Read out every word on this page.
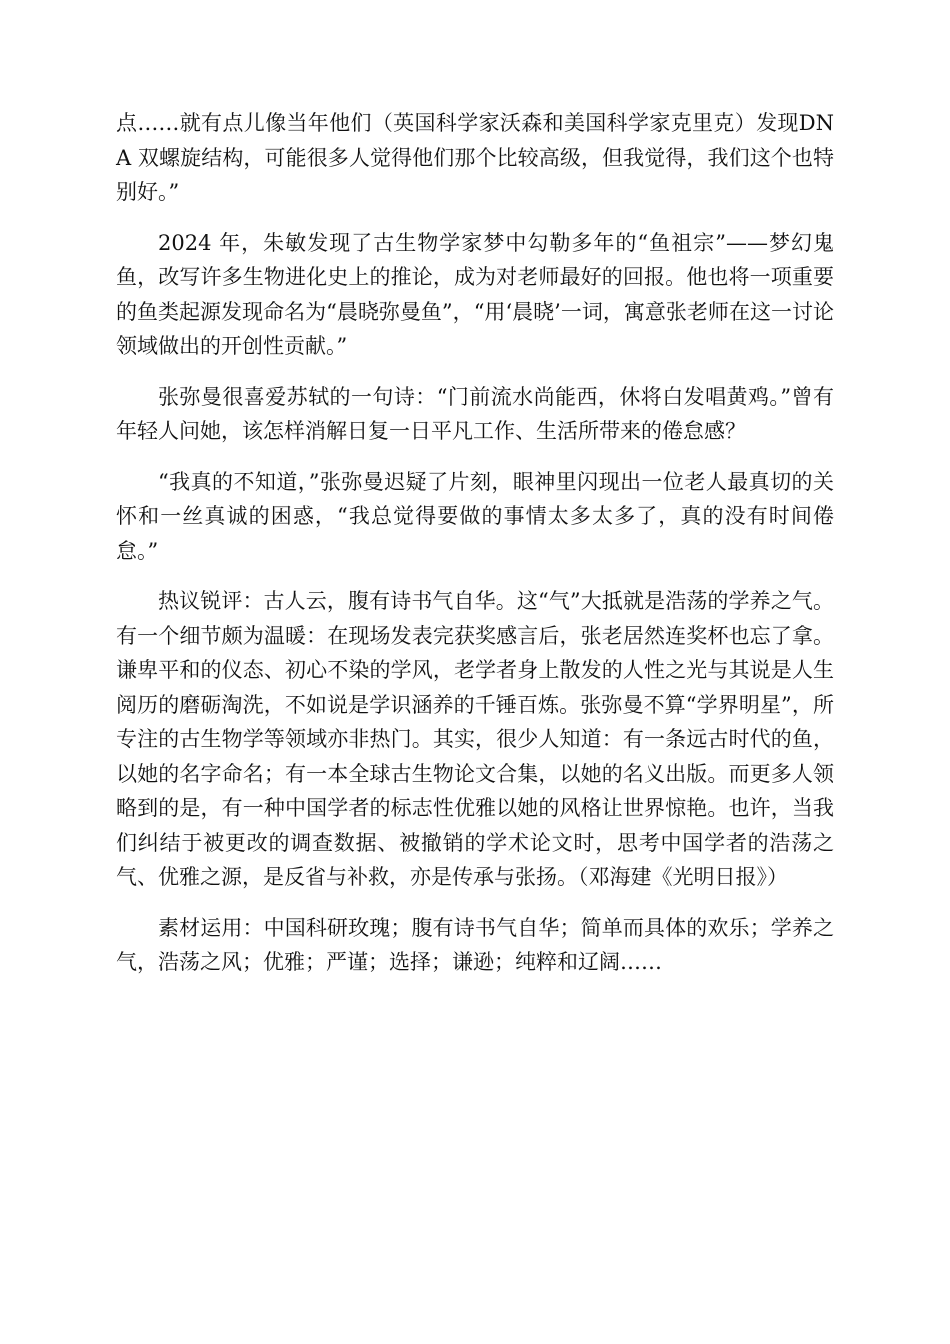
点……就有点儿像当年他们（英国科学家沃森和美国科学家克里克）发现DNA 双螺旋结构，可能很多人觉得他们那个比较高级，但我觉得，我们这个也特别好。”

2024 年，朱敏发现了古生物学家梦中勾勒多年的“鱼祖宗”——梦幻鬼鱼，改写许多生物进化史上的推论，成为对老师最好的回报。他也将一项重要的鱼类起源发现命名为“晨晓弥曼鱼”，“用‘晨晓’一词，寓意张老师在这一讨论领域做出的开创性贡献。”

张弥曼很喜爱苏轼的一句诗：“门前流水尚能西，休将白发唱黄鸡。”曾有年轻人问她，该怎样消解日复一日平凡工作、生活所带来的倦怠感？

“我真的不知道，”张弥曼迟疑了片刻，眼神里闪现出一位老人最真切的关怀和一丝真诚的困惑，“我总觉得要做的事情太多太多了，真的没有时间倦怠。”

热议锐评：古人云，腹有诗书气自华。这“气”大抵就是浩荡的学养之气。有一个细节颇为温暖：在现场发表完获奖感言后，张老居然连奖杯也忘了拿。谦卑平和的仪态、初心不染的学风，老学者身上散发的人性之光与其说是人生阅历的磨砺淘洗，不如说是学识涵养的千锤百炼。张弥曼不算“学界明星”，所专注的古生物学等领域亦非热门。其实，很少人知道：有一条远古时代的鱼，以她的名字命名；有一本全球古生物论文合集，以她的名义出版。而更多人领略到的是，有一种中国学者的标志性优雅以她的风格让世界惊艳。也许，当我们纠结于被更改的调查数据、被撤销的学术论文时，思考中国学者的浩荡之气、优雅之源，是反省与补救，亦是传承与张扬。（邓海建《光明日报》）

素材运用：中国科研玫瑰；腹有诗书气自华；简单而具体的欢乐；学养之气，浩荡之风；优雅；严谨；选择；谦逊；纯粹和辽阔……
